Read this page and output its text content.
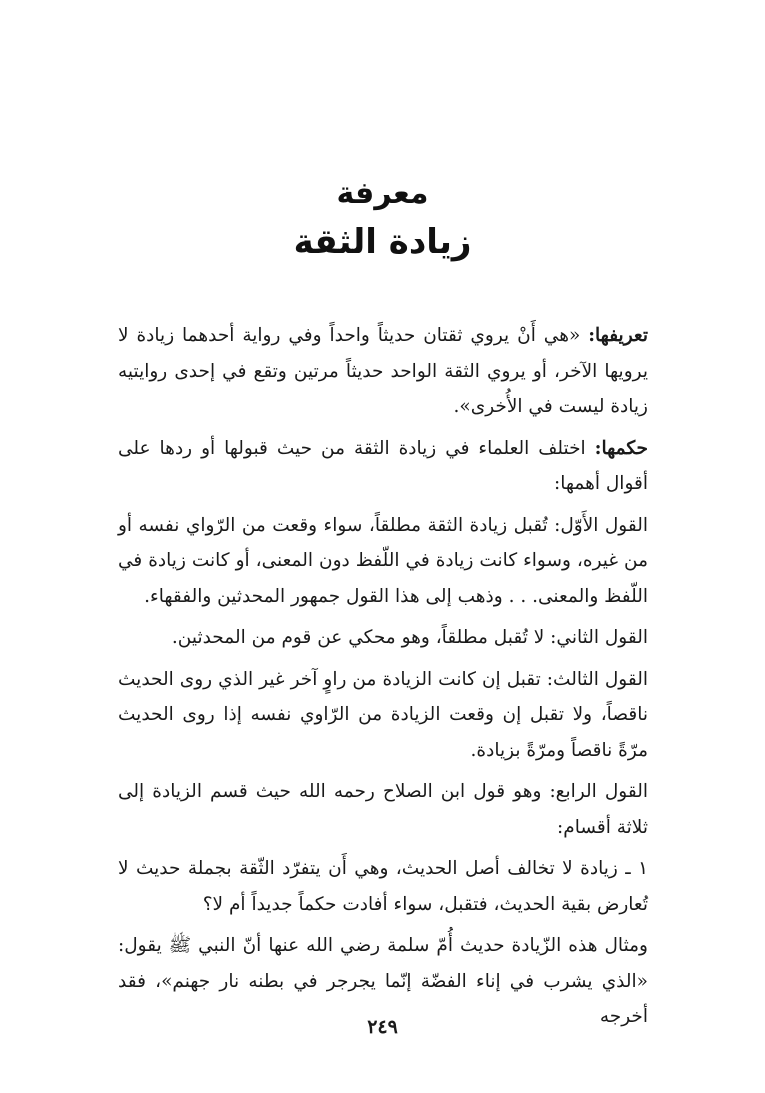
معرفة
زيادة الثقة

تعريفها: «هي أَنْ يروي ثقتان حديثاً واحداً وفي رواية أحدهما زيادة لا يرويها الآخر، أو يروي الثقة الواحد حديثاً مرتين وتقع في إحدى روايتيه زيادة ليست في الأُخرى».

حكمها: اختلف العلماء في زيادة الثقة من حيث قبولها أو ردها على أقوال أهمها:

القول الأَوّل: تُقبل زيادة الثقة مطلقاً، سواء وقعت من الرّواي نفسه أو من غيره، وسواء كانت زيادة في اللّفظ دون المعنى، أو كانت زيادة في اللّفظ والمعنى. . . وذهب إلى هذا القول جمهور المحدثين والفقهاء.

القول الثاني: لا تُقبل مطلقاً، وهو محكي عن قوم من المحدثين.

القول الثالث: تقبل إن كانت الزيادة من راوٍ آخر غير الذي روى الحديث ناقصاً، ولا تقبل إن وقعت الزيادة من الرّاوي نفسه إذا روى الحديث مرّةً ناقصاً ومرّةً بزيادة.

القول الرابع: وهو قول ابن الصلاح رحمه الله حيث قسم الزيادة إلى ثلاثة أقسام:

١ ـ زيادة لا تخالف أصل الحديث، وهي أَن يتفرّد الثّقة بجملة حديث لا تُعارض بقية الحديث، فتقبل، سواء أفادت حكماً جديداً أم لا؟

ومثال هذه الزّيادة حديث أُمّ سلمة رضي الله عنها أنّ النبي ﷺ يقول: «الذي يشرب في إناء الفضّة إنّما يجرجر في بطنه نار جهنم»، فقد أخرجه

٢٤٩
